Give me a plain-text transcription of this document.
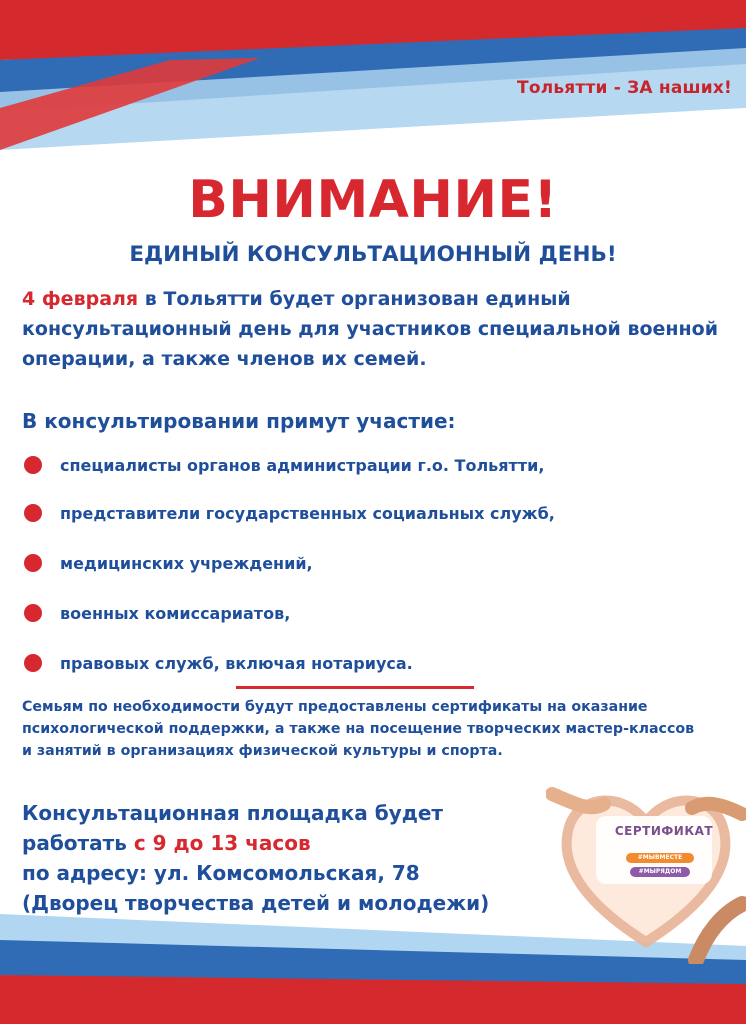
Тольятти - ЗА наших!
ВНИМАНИЕ!
ЕДИНЫЙ КОНСУЛЬТАЦИОННЫЙ ДЕНЬ!
4 февраля в Тольятти будет организован единый консультационный день для участников специальной военной операции, а также членов их семей.
В консультировании примут участие:
специалисты органов администрации г.о. Тольятти,
представители государственных социальных служб,
медицинских учреждений,
военных комиссариатов,
правовых служб, включая нотариуса.
Семьям по необходимости будут предоставлены сертификаты на оказание психологической поддержки, а также на посещение творческих мастер-классов и занятий в организациях физической культуры и спорта.
Консультационная площадка будет
работать с 9 до 13 часов
по адресу: ул. Комсомольская, 78
(Дворец творчества детей и молодежи)
СЕРТИФИКАТ
#МЫВМЕСТЕ
#МЫРЯДОМ
